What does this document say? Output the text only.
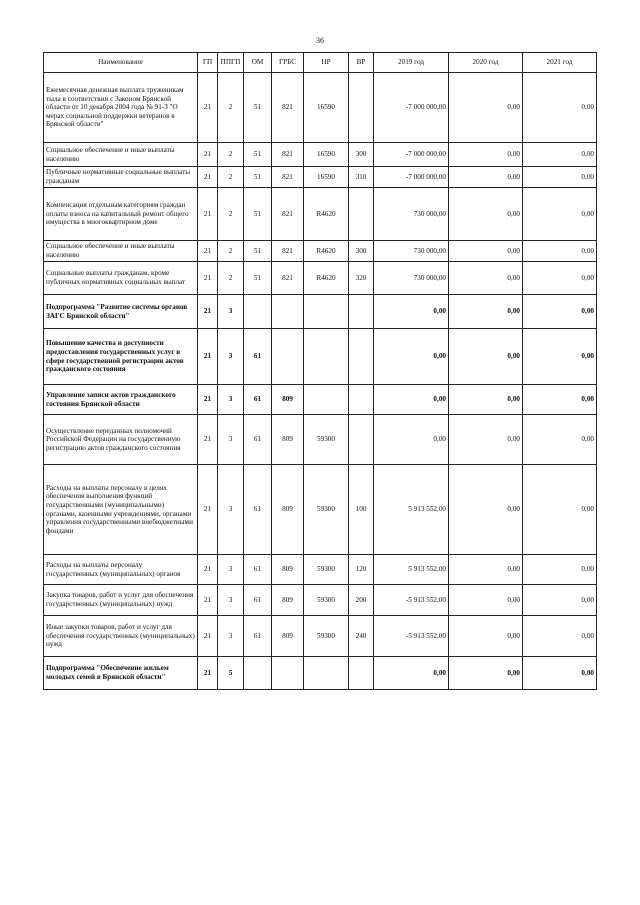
36
Наименование	ГП	ППГП	ОМ	ГРБС	НР	ВР	2019 год	2020 год	2021 год
Ежемесячная денежная выплата труженикам тыла в соответствии с Законом Брянской области от 10 декабря 2004 года № 91-З "О мерах социальной поддержки ветеранов в Брянской области"	21	2	51	821	16590		-7 000 000,00	0,00	0,00
Социальное обеспечение и иные выплаты населению	21	2	51	821	16590	300	-7 000 000,00	0,00	0,00
Публичные нормативные социальные выплаты гражданам	21	2	51	821	16590	310	-7 000 000,00	0,00	0,00
Компенсация отдельным категориям граждан оплаты взноса на капитальный ремонт общего имущества в многоквартирном доме	21	2	51	821	R4620		730 000,00	0,00	0,00
Социальное обеспечение и иные выплаты населению	21	2	51	821	R4620	300	730 000,00	0,00	0,00
Социальные выплаты гражданам, кроме публичных нормативных социальных выплат	21	2	51	821	R4620	320	730 000,00	0,00	0,00
Подпрограмма "Развитие системы органов ЗАГС Брянской области"	21	3					0,00	0,00	0,00
Повышение качества и доступности предоставления государственных услуг в сфере государственной регистрации актов гражданского состояния	21	3	61				0,00	0,00	0,00
Управление записи актов гражданского состояния Брянской области	21	3	61	809			0,00	0,00	0,00
Осуществление переданных полномочий Российской Федерации на государственную регистрацию актов гражданского состояния	21	3	61	809	59300		0,00	0,00	0,00
Расходы на выплаты персоналу в целях обеспечения выполнения функций государственными (муниципальными) органами, казенными учреждениями, органами управления государственными внебюджетными фондами	21	3	61	809	59300	100	5 913 552,00	0,00	0,00
Расходы на выплаты персоналу государственных (муниципальных) органов	21	3	61	809	59300	120	5 913 552,00	0,00	0,00
Закупка товаров, работ и услуг для обеспечения государственных (муниципальных) нужд	21	3	61	809	59300	200	-5 913 552,00	0,00	0,00
Иные закупки товаров, работ и услуг для обеспечения государственных (муниципальных) нужд	21	3	61	809	59300	240	-5 913 552,00	0,00	0,00
Подпрограмма "Обеспечение жильем молодых семей в Брянской области"	21	5					0,00	0,00	0,00
